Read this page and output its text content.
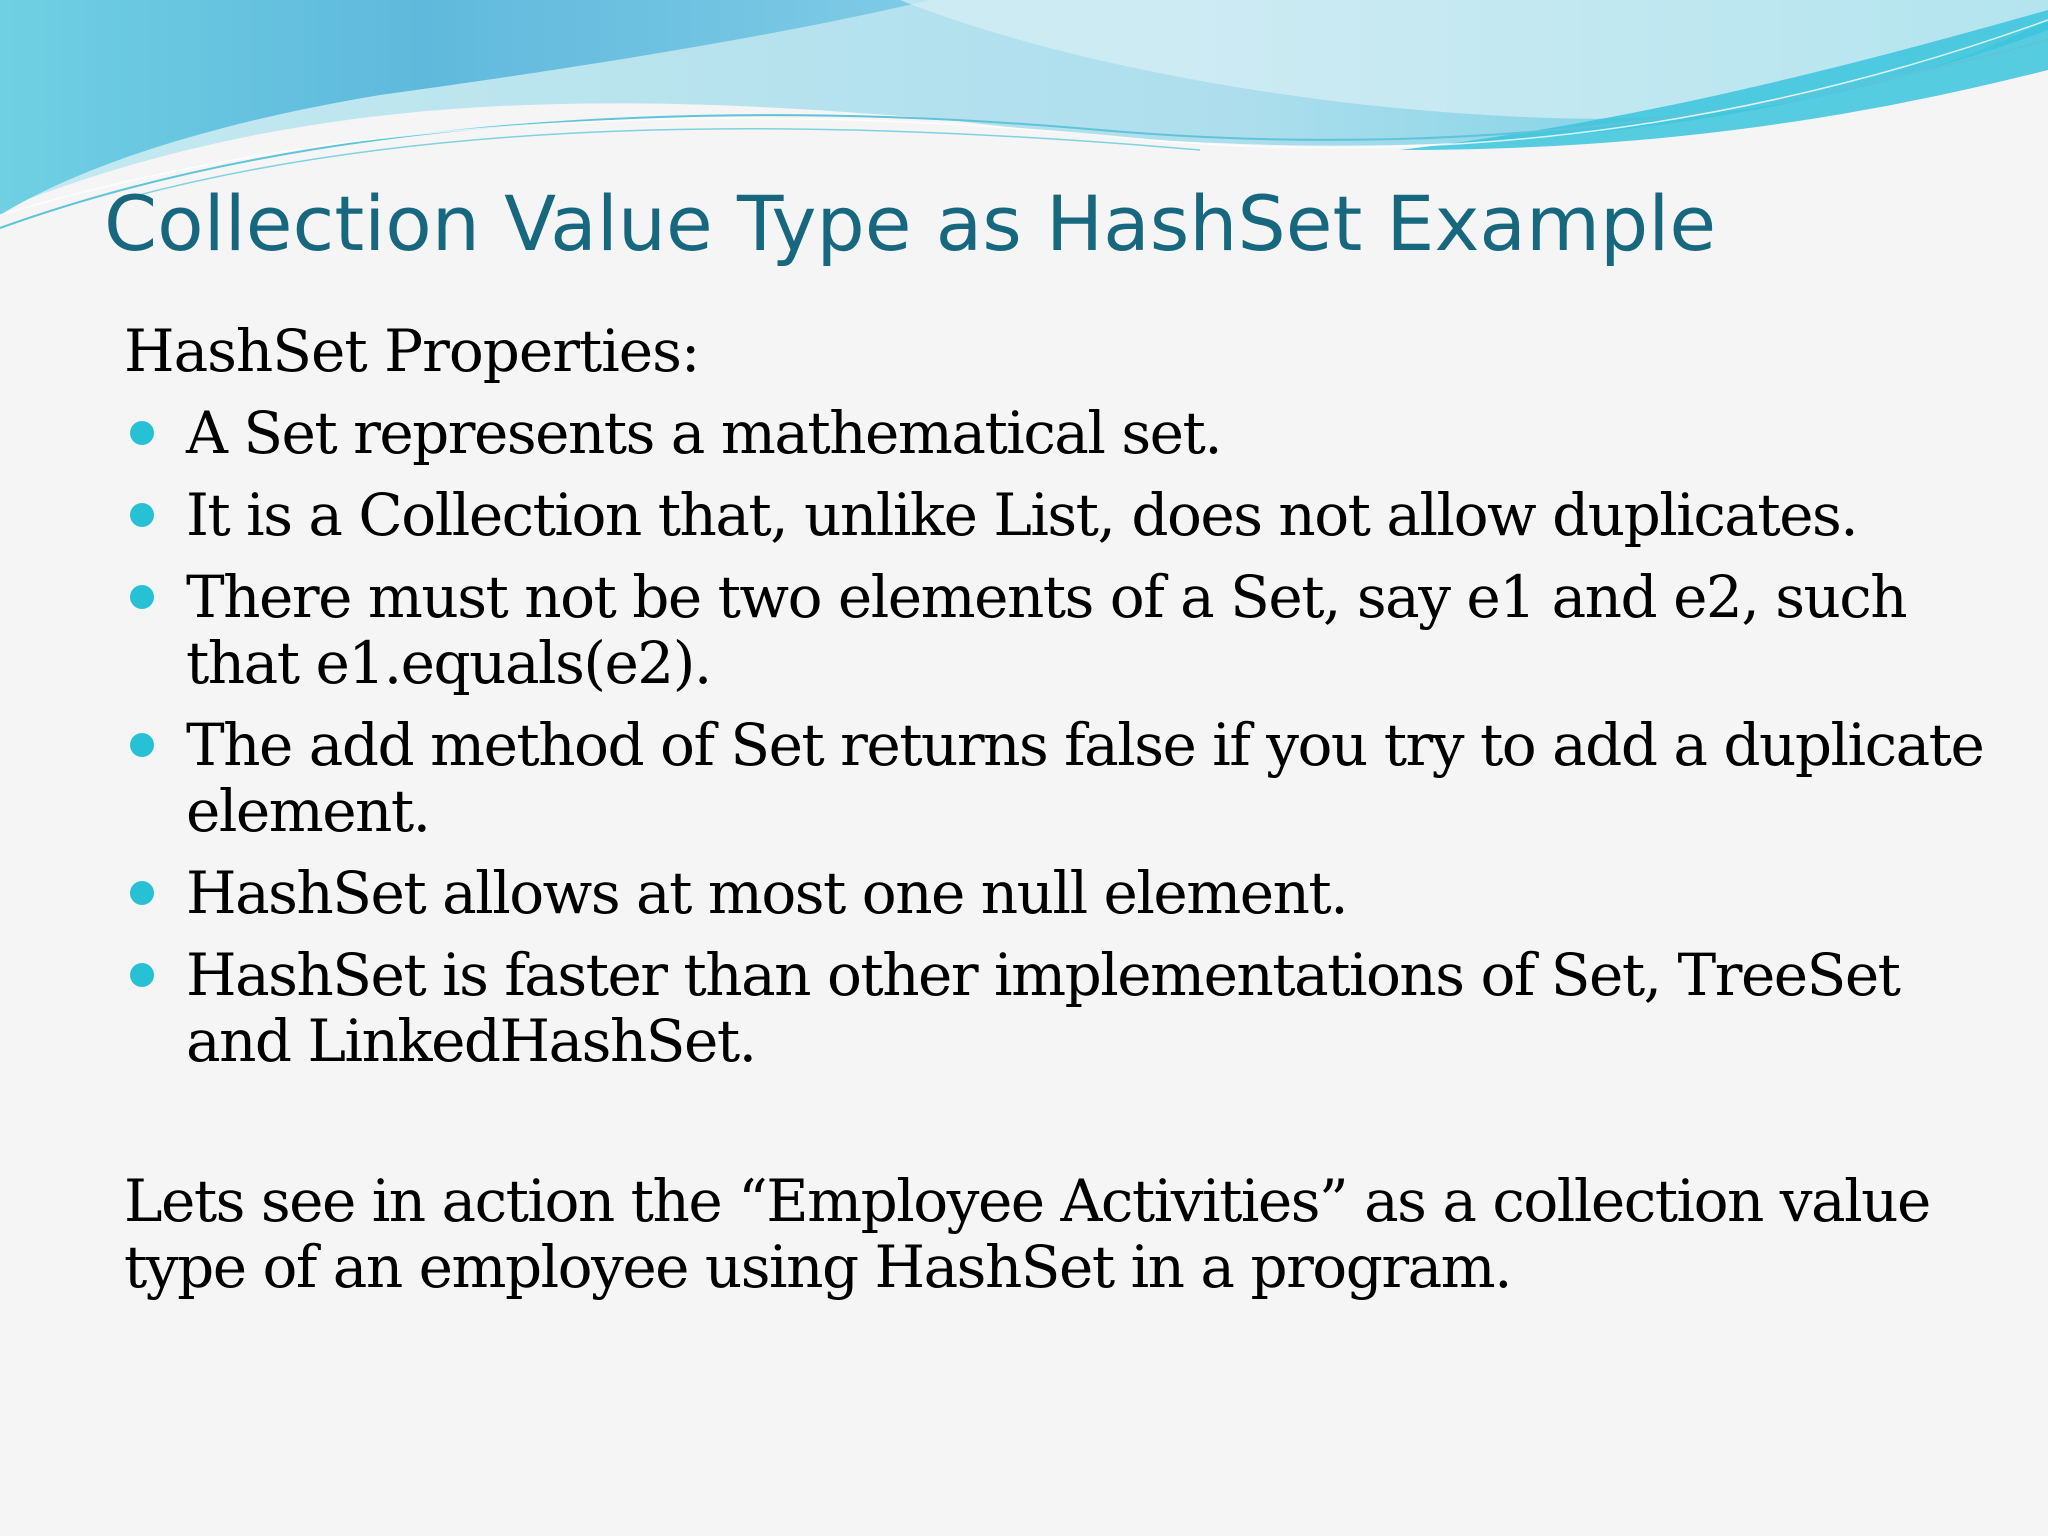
Collection Value Type as HashSet Example

HashSet Properties:

A Set represents a mathematical set.
It is a Collection that, unlike List, does not allow duplicates.
There must not be two elements of a Set, say e1 and e2, such that e1.equals(e2).
The add method of Set returns false if you try to add a duplicate element.
HashSet allows at most one null element.
HashSet is faster than other implementations of Set, TreeSet and LinkedHashSet.

Lets see in action the “Employee Activities” as a collection value type of an employee using HashSet in a program.
